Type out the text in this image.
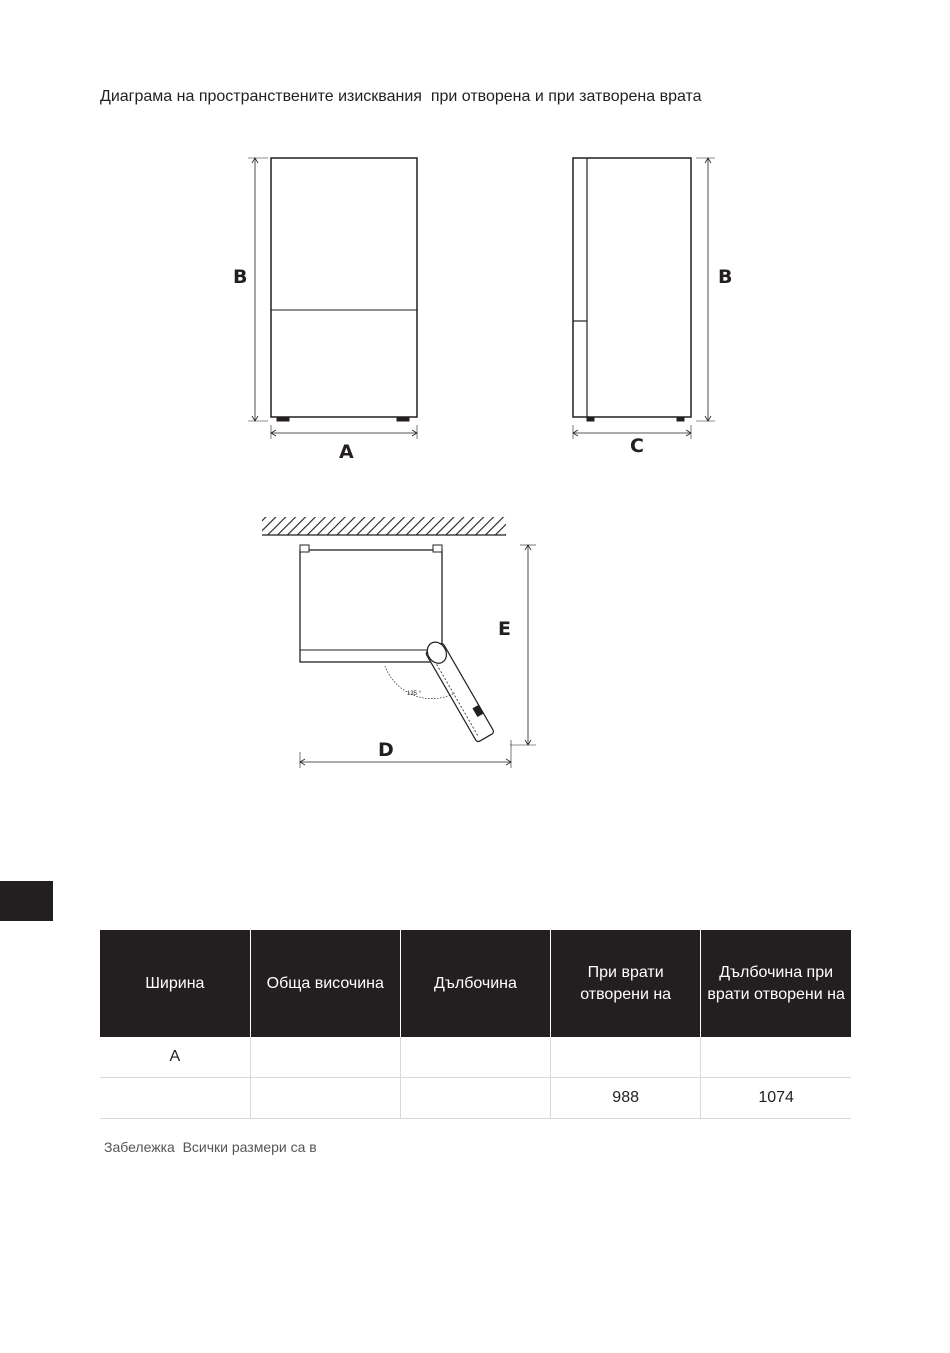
Диаграма на пространствените изисквания  при отворена и при затворена врата
B
A
B
C
135 °
E
D
Ширина	Обща височина	Дълбочина	При врати отворени на	Дълбочина при врати отворени на
A				
			988	1074
Забележка  Всички размери са в
